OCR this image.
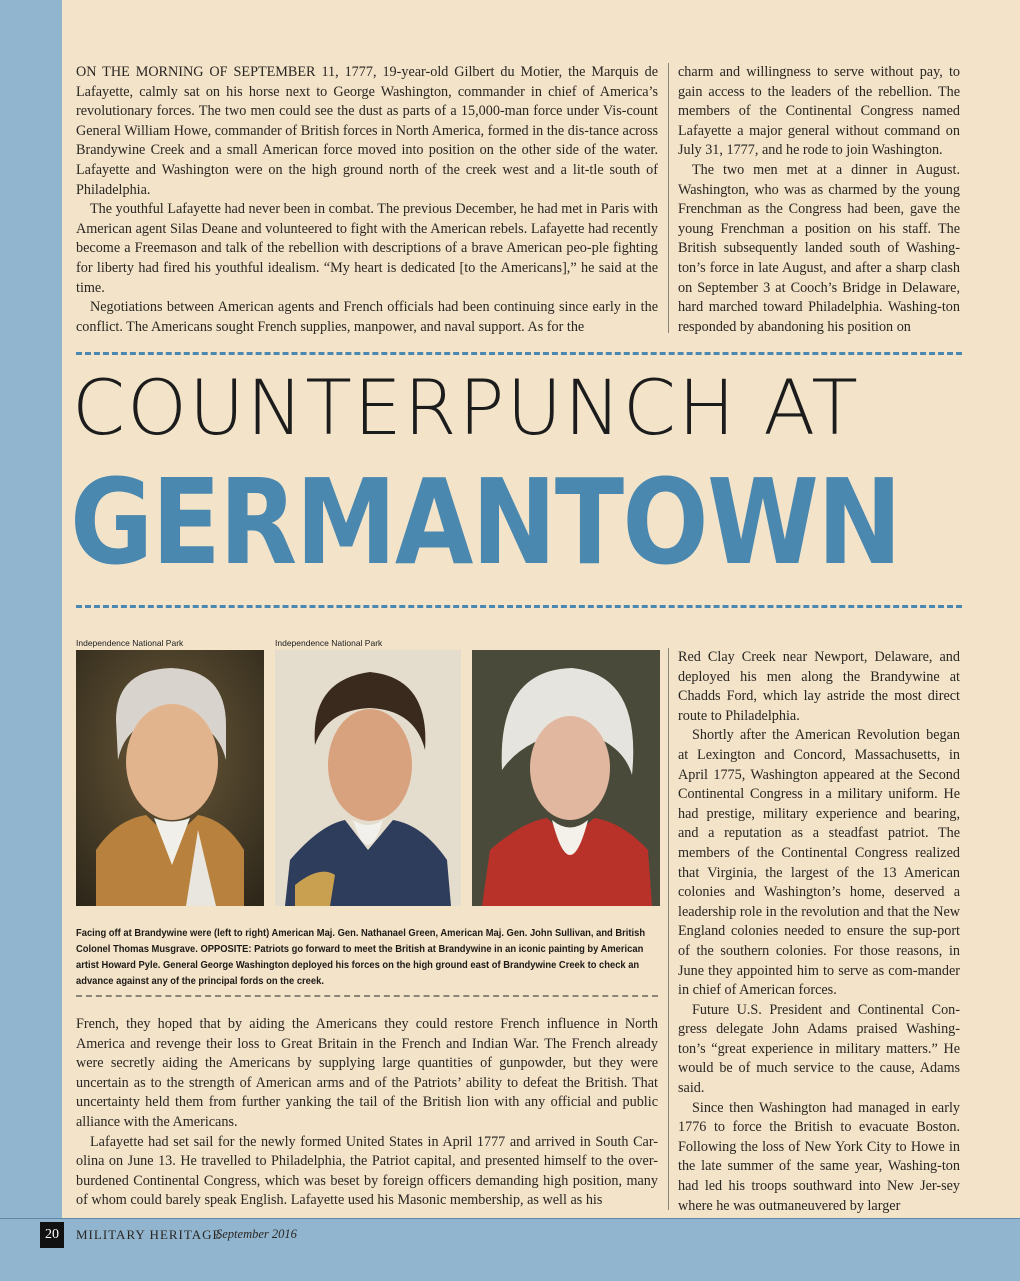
ON THE MORNING OF SEPTEMBER 11, 1777, 19-year-old Gilbert du Motier, the Marquis de Lafayette, calmly sat on his horse next to George Washington, commander in chief of America’s revolutionary forces. The two men could see the dust as parts of a 15,000-man force under Vis-count General William Howe, commander of British forces in North America, formed in the dis-tance across Brandywine Creek and a small American force moved into position on the other side of the water. Lafayette and Washington were on the high ground north of the creek west and a lit-tle south of Philadelphia.

The youthful Lafayette had never been in combat. The previous December, he had met in Paris with American agent Silas Deane and volunteered to fight with the American rebels. Lafayette had recently become a Freemason and talk of the rebellion with descriptions of a brave American peo-ple fighting for liberty had fired his youthful idealism. “My heart is dedicated [to the Americans],” he said at the time.

Negotiations between American agents and French officials had been continuing since early in the conflict. The Americans sought French supplies, manpower, and naval support. As for the

charm and willingness to serve without pay, to gain access to the leaders of the rebellion. The members of the Continental Congress named Lafayette a major general without command on July 31, 1777, and he rode to join Washington.

The two men met at a dinner in August. Washington, who was as charmed by the young Frenchman as the Congress had been, gave the young Frenchman a position on his staff. The British subsequently landed south of Washing-ton’s force in late August, and after a sharp clash on September 3 at Cooch’s Bridge in Delaware, hard marched toward Philadelphia. Washing-ton responded by abandoning his position on

COUNTERPUNCH AT
GERMANTOWN
Independence National Park	Independence National Park

Facing off at Brandywine were (left to right) American Maj. Gen. Nathanael Green, American Maj. Gen. John Sullivan, and British Colonel Thomas Musgrave. OPPOSITE: Patriots go forward to meet the British at Brandywine in an iconic painting by American artist Howard Pyle. General George Washington deployed his forces on the high ground east of Brandywine Creek to check an advance against any of the principal fords on the creek.

French, they hoped that by aiding the Americans they could restore French influence in North America and revenge their loss to Great Britain in the French and Indian War. The French already were secretly aiding the Americans by supplying large quantities of gunpowder, but they were uncertain as to the strength of American arms and of the Patriots’ ability to defeat the British. That uncertainty held them from further yanking the tail of the British lion with any official and public alliance with the Americans.

Lafayette had set sail for the newly formed United States in April 1777 and arrived in South Car-olina on June 13. He travelled to Philadelphia, the Patriot capital, and presented himself to the over-burdened Continental Congress, which was beset by foreign officers demanding high position, many of whom could barely speak English. Lafayette used his Masonic membership, as well as his

Red Clay Creek near Newport, Delaware, and deployed his men along the Brandywine at Chadds Ford, which lay astride the most direct route to Philadelphia.

Shortly after the American Revolution began at Lexington and Concord, Massachusetts, in April 1775, Washington appeared at the Second Continental Congress in a military uniform. He had prestige, military experience and bearing, and a reputation as a steadfast patriot. The members of the Continental Congress realized that Virginia, the largest of the 13 American colonies and Washington’s home, deserved a leadership role in the revolution and that the New England colonies needed to ensure the sup-port of the southern colonies. For those reasons, in June they appointed him to serve as com-mander in chief of American forces.

Future U.S. President and Continental Con-gress delegate John Adams praised Washing-ton’s “great experience in military matters.” He would be of much service to the cause, Adams said.

Since then Washington had managed in early 1776 to force the British to evacuate Boston. Following the loss of New York City to Howe in the late summer of the same year, Washing-ton had led his troops southward into New Jer-sey where he was outmaneuvered by larger

20	MILITARY HERITAGE
September 2016
